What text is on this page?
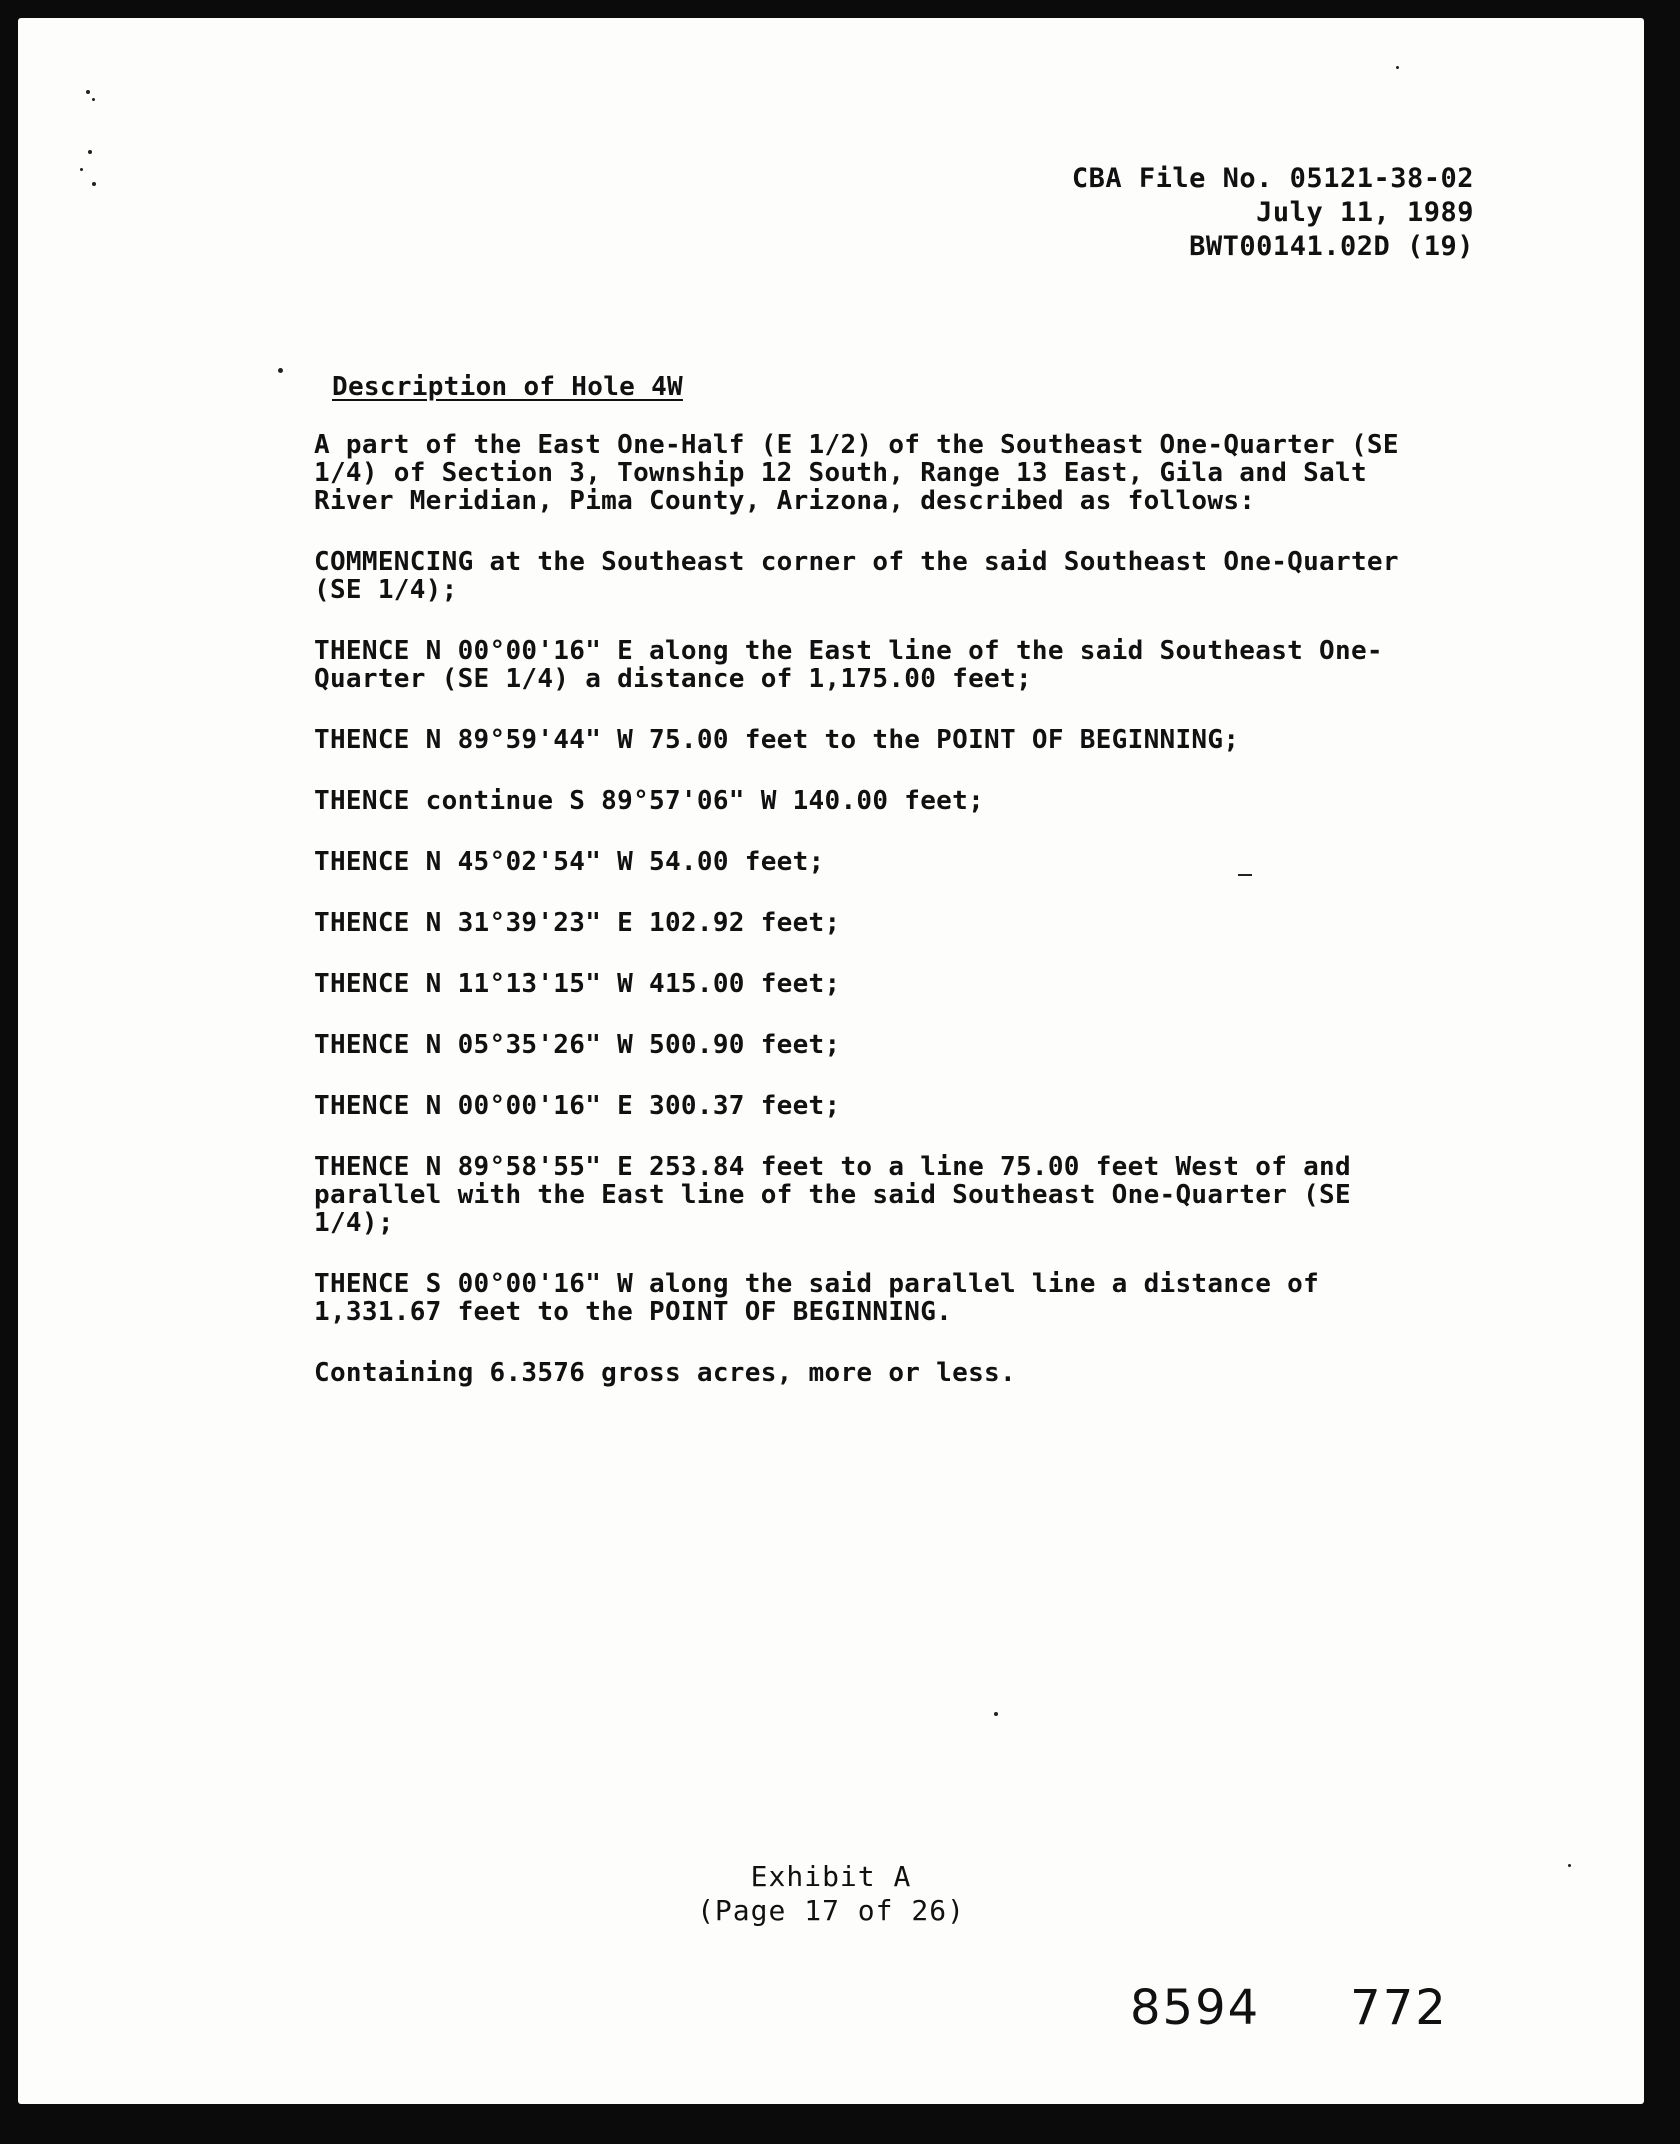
CBA File No. 05121-38-02
July 11, 1989
BWT00141.02D (19)
Description of Hole 4W
A part of the East One-Half (E 1/2) of the Southeast One-Quarter (SE
1/4) of Section 3, Township 12 South, Range 13 East, Gila and Salt
River Meridian, Pima County, Arizona, described as follows:
COMMENCING at the Southeast corner of the said Southeast One-Quarter
(SE 1/4);
THENCE N 00°00'16" E along the East line of the said Southeast One-
Quarter (SE 1/4) a distance of 1,175.00 feet;
THENCE N 89°59'44" W 75.00 feet to the POINT OF BEGINNING;
THENCE continue S 89°57'06" W 140.00 feet;
THENCE N 45°02'54" W 54.00 feet;
THENCE N 31°39'23" E 102.92 feet;
THENCE N 11°13'15" W 415.00 feet;
THENCE N 05°35'26" W 500.90 feet;
THENCE N 00°00'16" E 300.37 feet;
THENCE N 89°58'55" E 253.84 feet to a line 75.00 feet West of and
parallel with the East line of the said Southeast One-Quarter (SE
1/4);
THENCE S 00°00'16" W along the said parallel line a distance of
1,331.67 feet to the POINT OF BEGINNING.
Containing 6.3576 gross acres, more or less.
Exhibit A
(Page 17 of 26)
8594 772
